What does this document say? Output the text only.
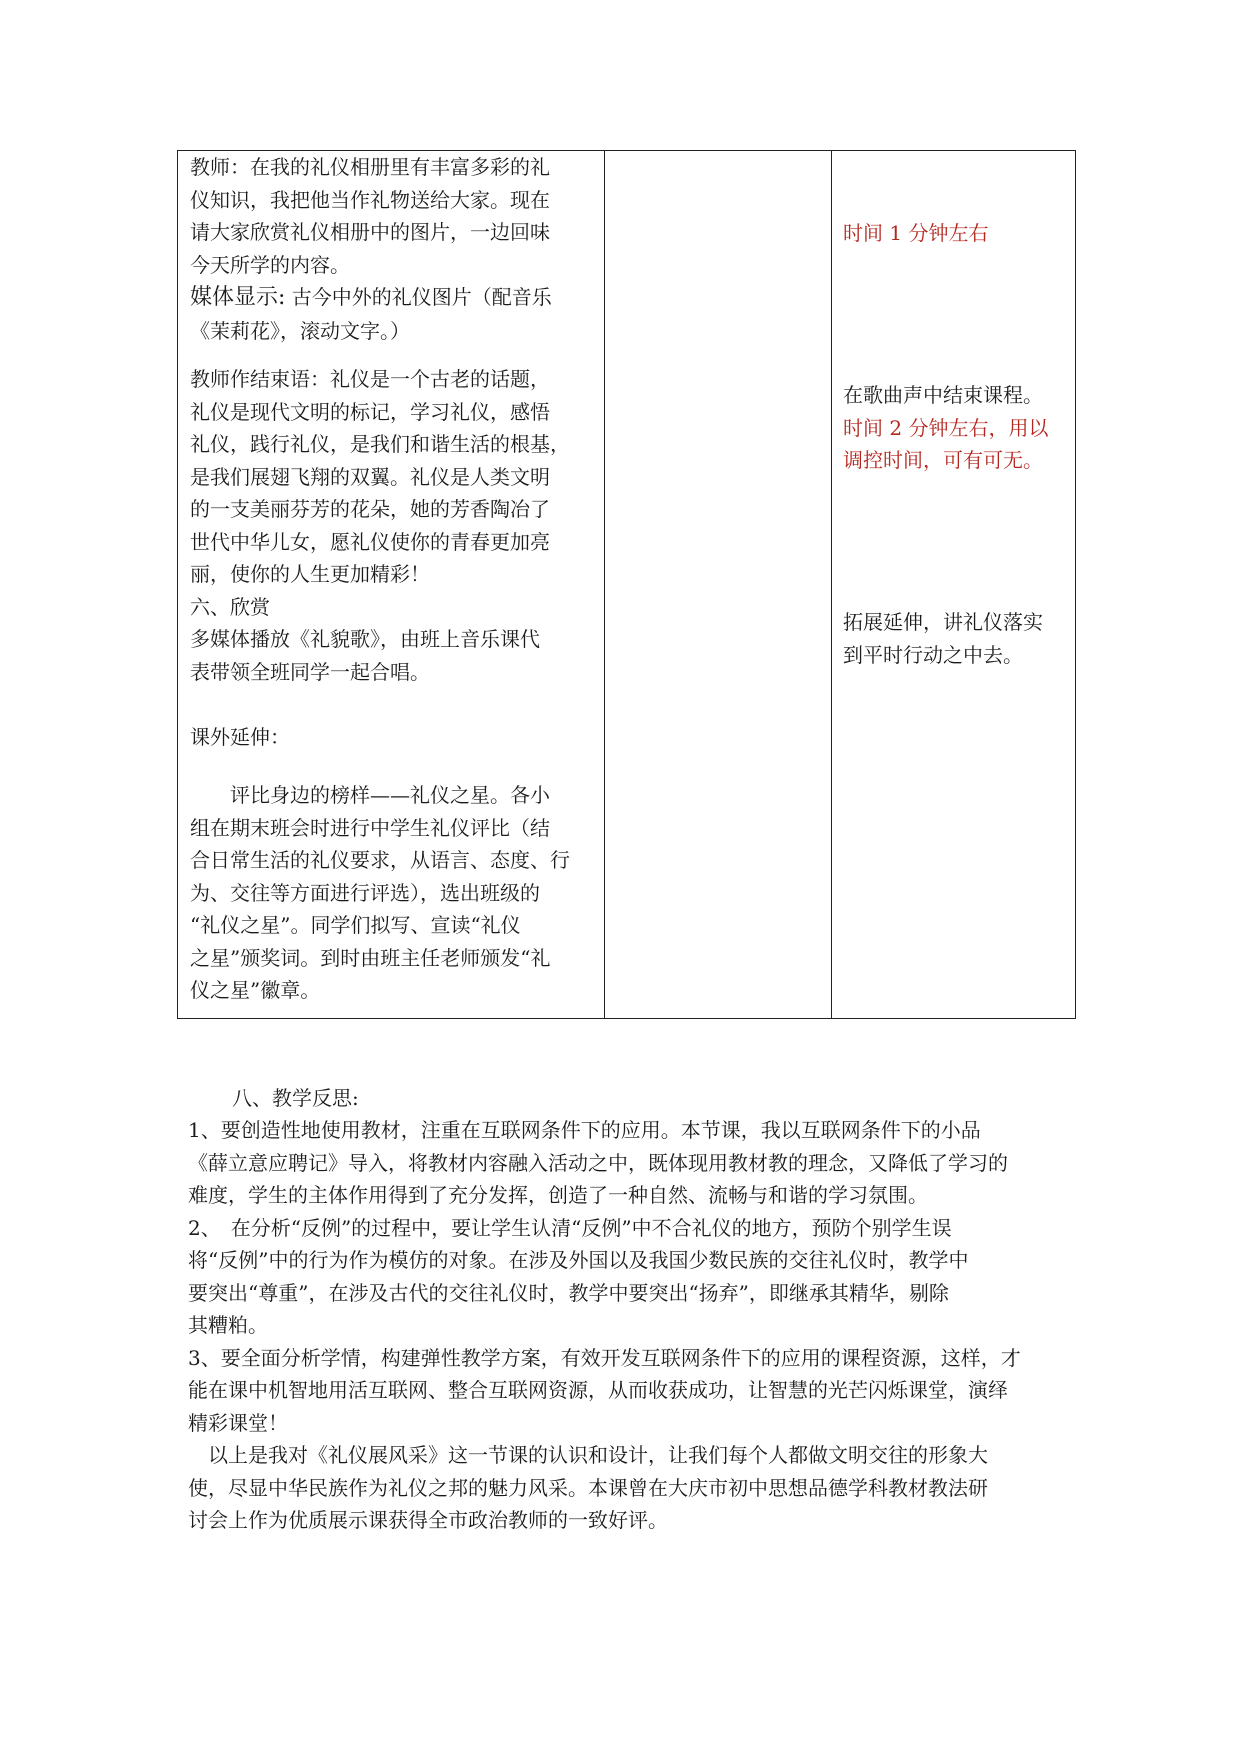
教师：在我的礼仪相册里有丰富多彩的礼
仪知识，我把他当作礼物送给大家。现在
请大家欣赏礼仪相册中的图片，一边回味
今天所学的内容。
媒体显示: 古今中外的礼仪图片（配音乐
《茉莉花》，滚动文字。）
教师作结束语：礼仪是一个古老的话题，
礼仪是现代文明的标记，学习礼仪，感悟
礼仪，践行礼仪，是我们和谐生活的根基，
是我们展翅飞翔的双翼。礼仪是人类文明
的一支美丽芬芳的花朵，她的芳香陶冶了
世代中华儿女，愿礼仪使你的青春更加亮
丽，使你的人生更加精彩！
六、欣赏
多媒体播放《礼貌歌》，由班上音乐课代
表带领全班同学一起合唱。
课外延伸：
评比身边的榜样——礼仪之星。各小
组在期末班会时进行中学生礼仪评比（结
合日常生活的礼仪要求，从语言、态度、行
为、交往等方面进行评选），选出班级的
“礼仪之星”。同学们拟写、宣读“礼仪
之星”颁奖词。到时由班主任老师颁发“礼
仪之星”徽章。
时间 1 分钟左右
在歌曲声中结束课程。
时间 2 分钟左右，用以
调控时间，可有可无。
拓展延伸，讲礼仪落实
到平时行动之中去。
八、教学反思:

1、要创造性地使用教材，注重在互联网条件下的应用。本节课，我以互联网条件下的小品

《薛立意应聘记》导入，将教材内容融入活动之中，既体现用教材教的理念，又降低了学习的

难度，学生的主体作用得到了充分发挥，创造了一种自然、流畅与和谐的学习氛围。

2、　在分析“反例”的过程中，要让学生认清“反例”中不合礼仪的地方，预防个别学生误

将“反例”中的行为作为模仿的对象。在涉及外国以及我国少数民族的交往礼仪时，教学中

要突出“尊重”，在涉及古代的交往礼仪时，教学中要突出“扬弃”，即继承其精华，剔除

其糟粕。

3、要全面分析学情，构建弹性教学方案，有效开发互联网条件下的应用的课程资源，这样，才

能在课中机智地用活互联网、整合互联网资源，从而收获成功，让智慧的光芒闪烁课堂，演绎

精彩课堂！

　以上是我对《礼仪展风采》这一节课的认识和设计，让我们每个人都做文明交往的形象大

使，尽显中华民族作为礼仪之邦的魅力风采。本课曾在大庆市初中思想品德学科教材教法研

讨会上作为优质展示课获得全市政治教师的一致好评。
